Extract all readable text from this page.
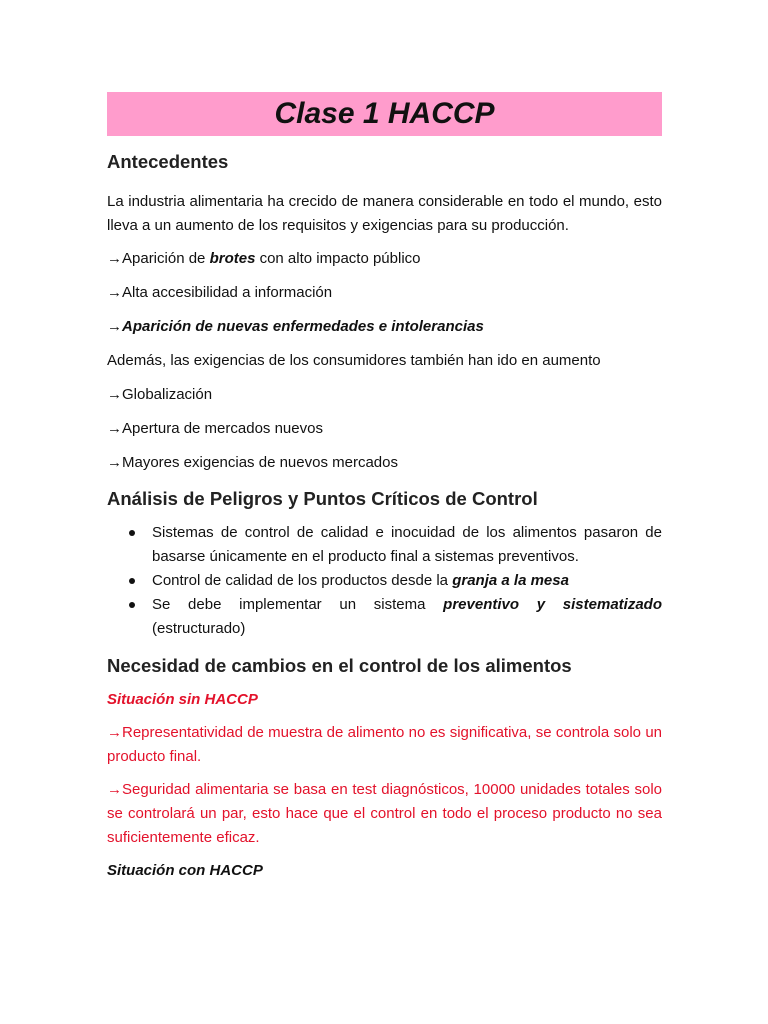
Clase 1 HACCP
Antecedentes

La industria alimentaria ha crecido de manera considerable en todo el mundo, esto lleva a un aumento de los requisitos y exigencias para su producción.

→Aparición de brotes con alto impacto público

→Alta accesibilidad a información

→Aparición de nuevas enfermedades e intolerancias

Además, las exigencias de los consumidores también han ido en aumento

→Globalización

→Apertura de mercados nuevos

→Mayores exigencias de nuevos mercados

Análisis de Peligros y Puntos Críticos de Control
Sistemas de control de calidad e inocuidad de los alimentos pasaron de basarse únicamente en el producto final a sistemas preventivos.
Control de calidad de los productos desde la granja a la mesa
Se debe implementar un sistema preventivo y sistematizado
(estructurado)
Necesidad de cambios en el control de los alimentos

Situación sin HACCP

→Representatividad de muestra de alimento no es significativa, se controla solo un producto final.

→Seguridad alimentaria se basa en test diagnósticos, 10000 unidades totales solo se controlará un par, esto hace que el control en todo el proceso producto no sea suficientemente eficaz.

Situación con HACCP
